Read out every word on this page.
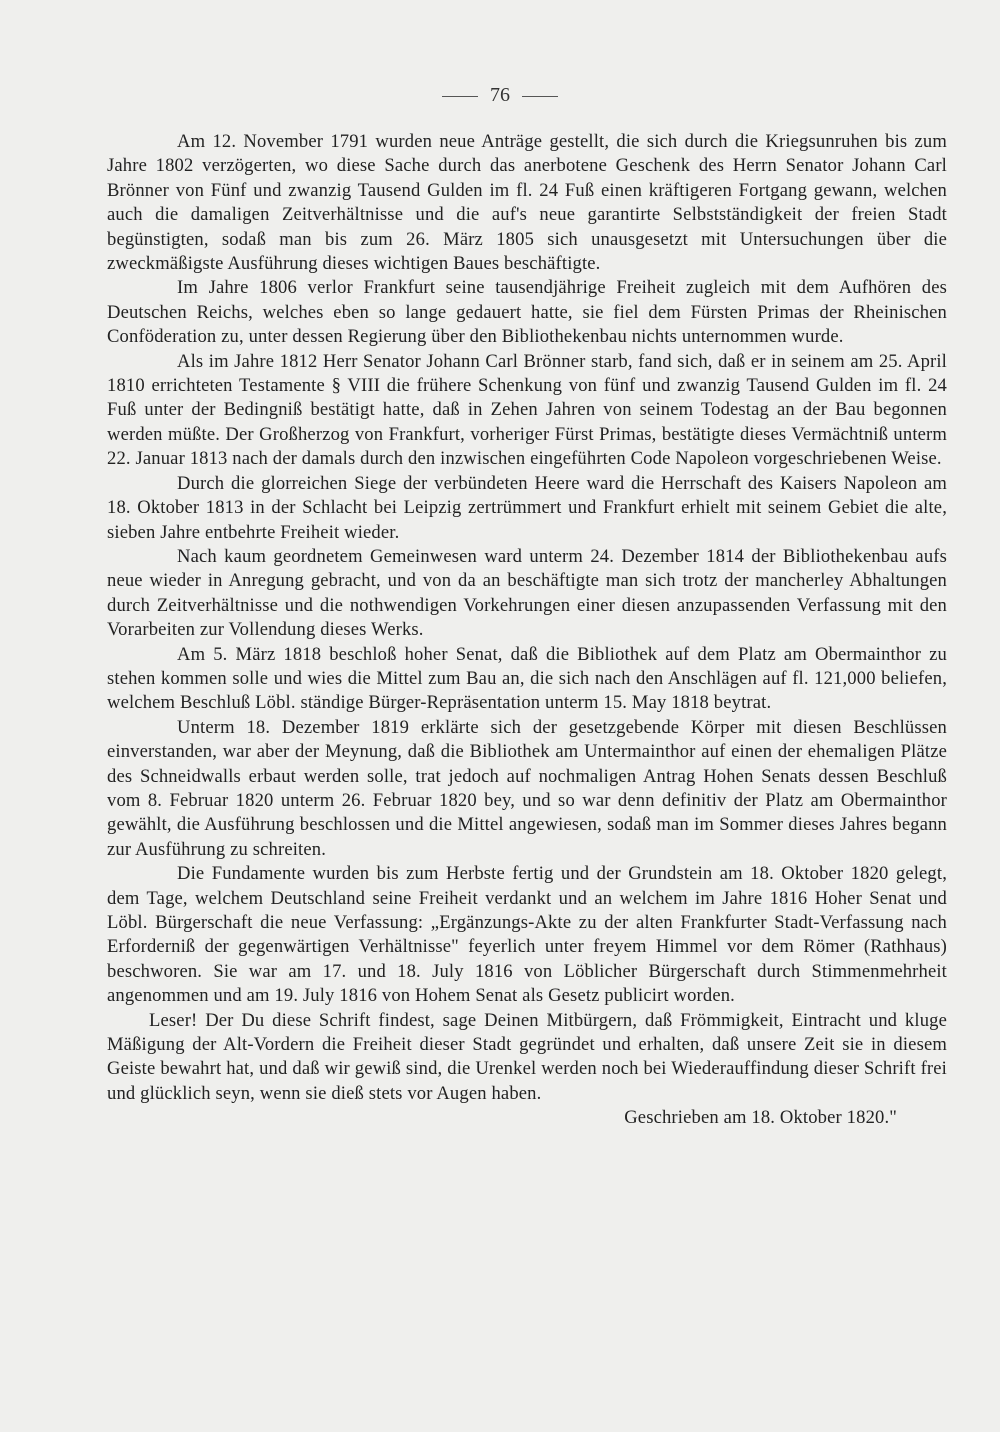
76

Am 12. November 1791 wurden neue Anträge gestellt, die sich durch die Kriegsunruhen bis zum Jahre 1802 verzögerten, wo diese Sache durch das anerbotene Geschenk des Herrn Senator Johann Carl Brönner von Fünf und zwanzig Tausend Gulden im fl. 24 Fuß einen kräftigeren Fortgang gewann, welchen auch die damaligen Zeitverhältnisse und die auf's neue garantirte Selbstständigkeit der freien Stadt begünstigten, sodaß man bis zum 26. März 1805 sich unausgesetzt mit Untersuchungen über die zweckmäßigste Ausführung dieses wichtigen Baues beschäftigte.

Im Jahre 1806 verlor Frankfurt seine tausendjährige Freiheit zugleich mit dem Aufhören des Deutschen Reichs, welches eben so lange gedauert hatte, sie fiel dem Fürsten Primas der Rheinischen Conföderation zu, unter dessen Regierung über den Bibliothekenbau nichts unternommen wurde.

Als im Jahre 1812 Herr Senator Johann Carl Brönner starb, fand sich, daß er in seinem am 25. April 1810 errichteten Testamente § VIII die frühere Schenkung von fünf und zwanzig Tausend Gulden im fl. 24 Fuß unter der Bedingniß bestätigt hatte, daß in Zehen Jahren von seinem Todestag an der Bau begonnen werden müßte. Der Großherzog von Frankfurt, vorheriger Fürst Primas, bestätigte dieses Vermächtniß unterm 22. Januar 1813 nach der damals durch den inzwischen eingeführten Code Napoleon vorgeschriebenen Weise.

Durch die glorreichen Siege der verbündeten Heere ward die Herrschaft des Kaisers Napoleon am 18. Oktober 1813 in der Schlacht bei Leipzig zertrümmert und Frankfurt erhielt mit seinem Gebiet die alte, sieben Jahre entbehrte Freiheit wieder.

Nach kaum geordnetem Gemeinwesen ward unterm 24. Dezember 1814 der Bibliothekenbau aufs neue wieder in Anregung gebracht, und von da an beschäftigte man sich trotz der mancherley Abhaltungen durch Zeitverhältnisse und die nothwendigen Vorkehrungen einer diesen anzupassenden Verfassung mit den Vorarbeiten zur Vollendung dieses Werks.

Am 5. März 1818 beschloß hoher Senat, daß die Bibliothek auf dem Platz am Obermainthor zu stehen kommen solle und wies die Mittel zum Bau an, die sich nach den Anschlägen auf fl. 121,000 beliefen, welchem Beschluß Löbl. ständige Bürger-Repräsentation unterm 15. May 1818 beytrat.

Unterm 18. Dezember 1819 erklärte sich der gesetzgebende Körper mit diesen Beschlüssen einverstanden, war aber der Meynung, daß die Bibliothek am Untermainthor auf einen der ehemaligen Plätze des Schneidwalls erbaut werden solle, trat jedoch auf nochmaligen Antrag Hohen Senats dessen Beschluß vom 8. Februar 1820 unterm 26. Februar 1820 bey, und so war denn definitiv der Platz am Obermainthor gewählt, die Ausführung beschlossen und die Mittel angewiesen, sodaß man im Sommer dieses Jahres begann zur Ausführung zu schreiten.

Die Fundamente wurden bis zum Herbste fertig und der Grundstein am 18. Oktober 1820 gelegt, dem Tage, welchem Deutschland seine Freiheit verdankt und an welchem im Jahre 1816 Hoher Senat und Löbl. Bürgerschaft die neue Verfassung: „Ergänzungs-Akte zu der alten Frankfurter Stadt-Verfassung nach Erforderniß der gegenwärtigen Verhältnisse" feyerlich unter freyem Himmel vor dem Römer (Rathhaus) beschworen. Sie war am 17. und 18. July 1816 von Löblicher Bürgerschaft durch Stimmenmehrheit angenommen und am 19. July 1816 von Hohem Senat als Gesetz publicirt worden.

Leser! Der Du diese Schrift findest, sage Deinen Mitbürgern, daß Frömmigkeit, Eintracht und kluge Mäßigung der Alt-Vordern die Freiheit dieser Stadt gegründet und erhalten, daß unsere Zeit sie in diesem Geiste bewahrt hat, und daß wir gewiß sind, die Urenkel werden noch bei Wiederauffindung dieser Schrift frei und glücklich seyn, wenn sie dieß stets vor Augen haben.

Geschrieben am 18. Oktober 1820."
